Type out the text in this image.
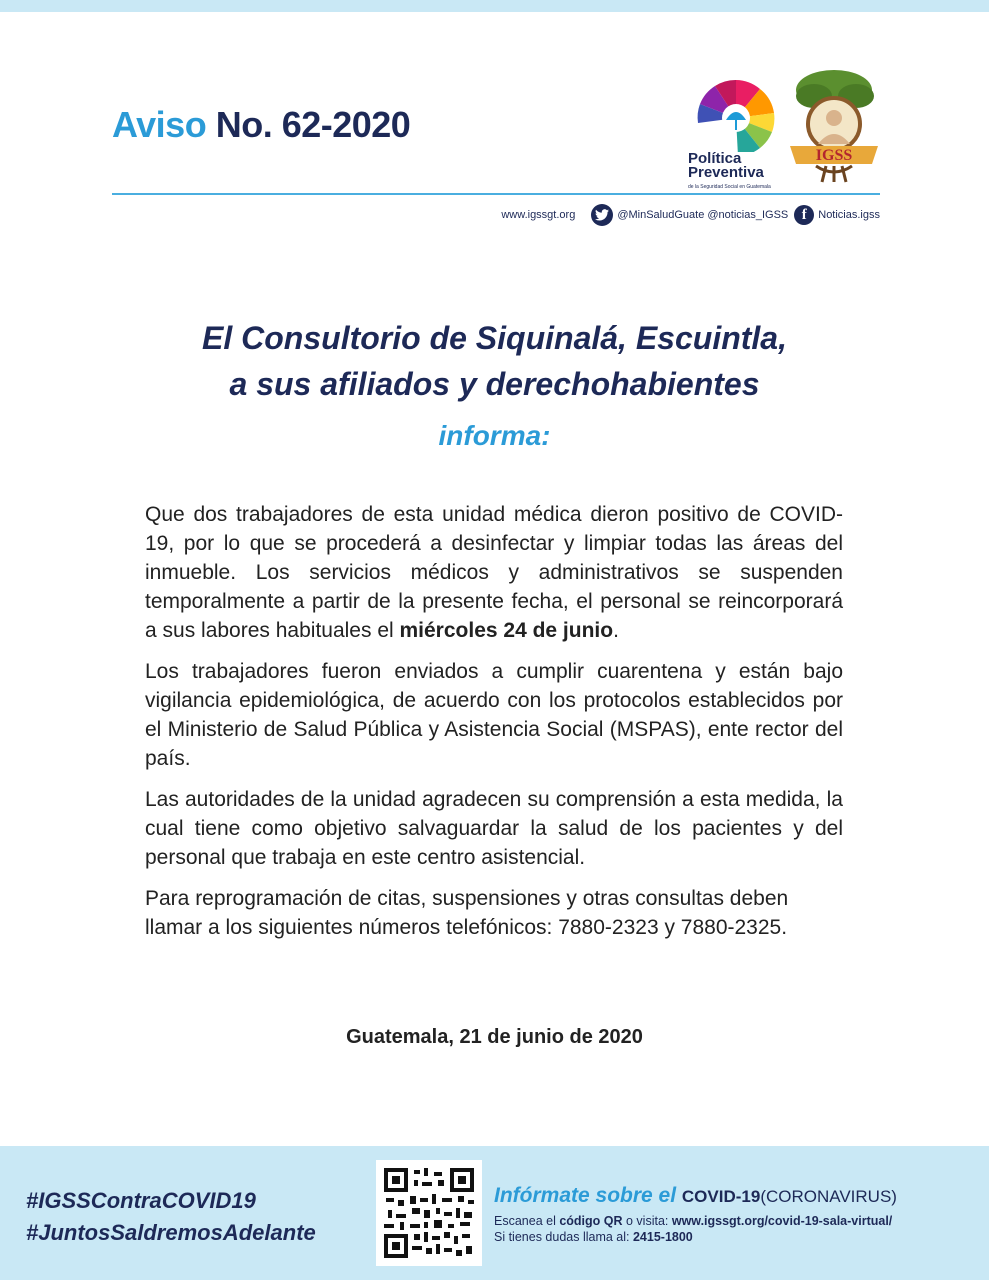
Aviso No. 62-2020
Política
Preventiva
de la Seguridad Social en Guatemala
IGSS
www.igssgt.org	@MinSaludGuate @noticias_IGSS f	Noticias.igss
El Consultorio de Siquinalá, Escuintla,
a sus afiliados y derechohabientes
informa:

Que dos trabajadores de esta unidad médica dieron positivo de COVID-19, por lo que se procederá a desinfectar y limpiar todas las áreas del inmueble. Los servicios médicos y administrativos se suspenden temporalmente a partir de la presente fecha, el personal se reincorporará a sus labores habituales el miércoles 24 de junio.

Los trabajadores fueron enviados a cumplir cuarentena y están bajo vigilancia epidemiológica, de acuerdo con los protocolos establecidos por el Ministerio de Salud Pública y Asistencia Social (MSPAS), ente rector del país.

Las autoridades de la unidad agradecen su comprensión a esta medida, la cual tiene como objetivo salvaguardar la salud de los pacientes y del personal que trabaja en este centro asistencial.

Para reprogramación de citas, suspensiones y otras consultas deben llamar a los siguientes números telefónicos: 7880-2323 y 7880-2325.

Guatemala, 21 de junio de 2020
#IGSSContraCOVID19
#JuntosSaldremosAdelante
Infórmate sobre el COVID-19(CORONAVIRUS)
Escanea el código QR o visita: www.igssgt.org/covid-19-sala-virtual/
Si tienes dudas llama al: 2415-1800
